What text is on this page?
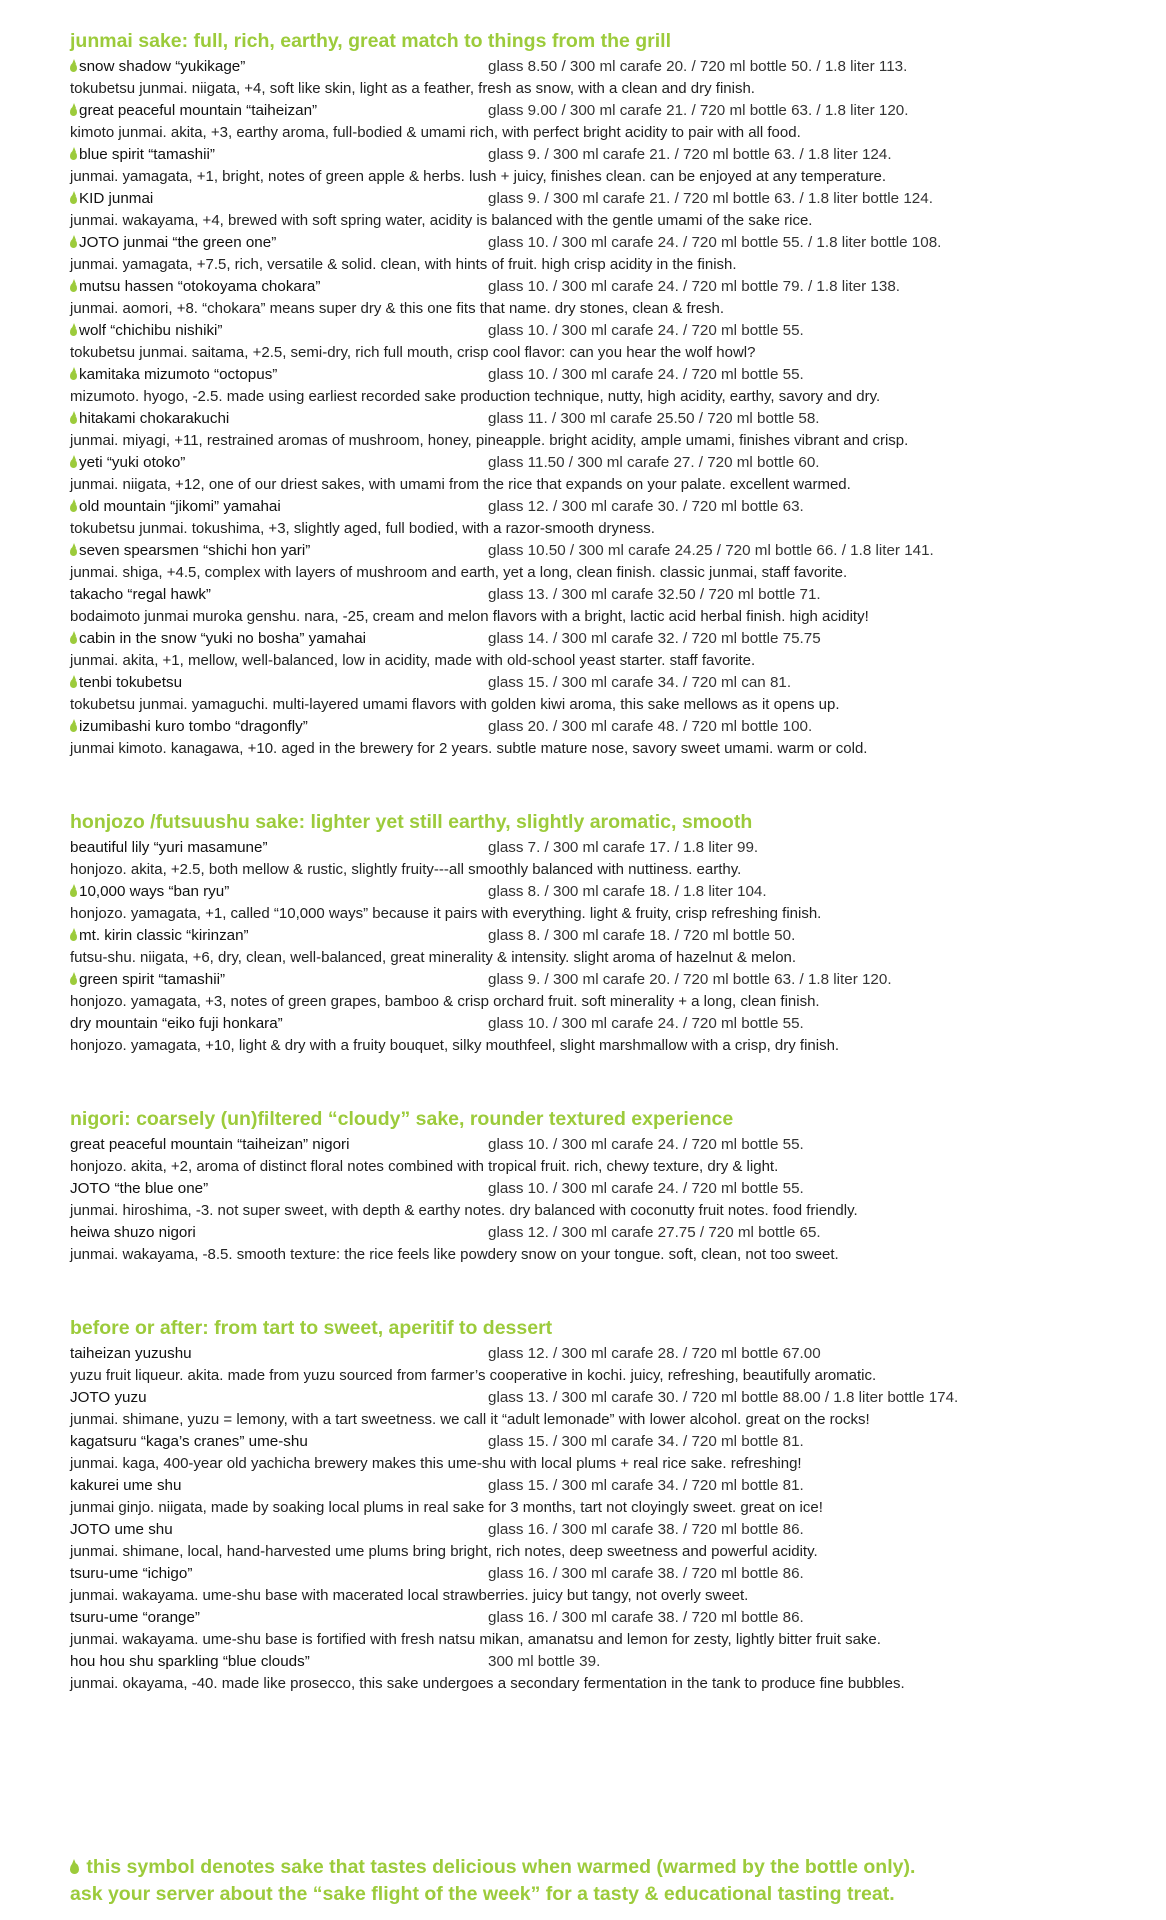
junmai sake: full, rich, earthy, great match to things from the grill
snow shadow “yukikage”	glass 8.50 / 300 ml carafe 20. / 720 ml bottle 50. / 1.8 liter 113.
tokubetsu junmai. niigata, +4, soft like skin, light as a feather, fresh as snow, with a clean and dry finish.
great peaceful mountain “taiheizan”	glass 9.00 / 300 ml carafe 21. / 720 ml bottle 63. / 1.8 liter 120.
kimoto junmai. akita, +3, earthy aroma, full-bodied & umami rich, with perfect bright acidity to pair with all food.
blue spirit “tamashii”	glass 9. / 300 ml carafe 21. / 720 ml bottle 63. / 1.8 liter 124.
junmai. yamagata, +1, bright, notes of green apple & herbs. lush + juicy, finishes clean. can be enjoyed at any temperature.
KID junmai	glass 9. / 300 ml carafe 21. / 720 ml bottle 63. / 1.8 liter bottle 124.
junmai. wakayama, +4, brewed with soft spring water, acidity is balanced with the gentle umami of the sake rice.
JOTO junmai “the green one”	glass 10. / 300 ml carafe 24. / 720 ml bottle 55. / 1.8 liter bottle 108.
junmai. yamagata, +7.5, rich, versatile & solid. clean, with hints of fruit. high crisp acidity in the finish.
mutsu hassen “otokoyama chokara”	glass 10. / 300 ml carafe 24. / 720 ml bottle 79. / 1.8 liter 138.
junmai. aomori, +8. “chokara” means super dry & this one fits that name. dry stones, clean & fresh.
wolf “chichibu nishiki”	glass 10. / 300 ml carafe 24. / 720 ml bottle 55.
tokubetsu junmai. saitama, +2.5, semi-dry, rich full mouth, crisp cool flavor: can you hear the wolf howl?
kamitaka mizumoto “octopus”	glass 10. / 300 ml carafe 24. / 720 ml bottle 55.
mizumoto. hyogo, -2.5. made using earliest recorded sake production technique, nutty, high acidity, earthy, savory and dry.
hitakami chokarakuchi	glass 11. / 300 ml carafe 25.50 / 720 ml bottle 58.
junmai. miyagi, +11, restrained aromas of mushroom, honey, pineapple. bright acidity, ample umami, finishes vibrant and crisp.
yeti “yuki otoko”	glass 11.50 / 300 ml carafe 27. / 720 ml bottle 60.
junmai. niigata, +12, one of our driest sakes, with umami from the rice that expands on your palate. excellent warmed.
old mountain “jikomi” yamahai	glass 12. / 300 ml carafe 30. / 720 ml bottle 63.
tokubetsu junmai. tokushima, +3, slightly aged, full bodied, with a razor-smooth dryness.
seven spearsmen “shichi hon yari”	glass 10.50 / 300 ml carafe 24.25 / 720 ml bottle 66. / 1.8 liter 141.
junmai. shiga, +4.5, complex with layers of mushroom and earth, yet a long, clean finish. classic junmai, staff favorite.
takacho “regal hawk”	glass 13. / 300 ml carafe 32.50 / 720 ml bottle 71.
bodaimoto junmai muroka genshu. nara, -25, cream and melon flavors with a bright, lactic acid herbal finish. high acidity!
cabin in the snow “yuki no bosha” yamahai	glass 14. / 300 ml carafe 32. / 720 ml bottle 75.75
junmai. akita, +1, mellow, well-balanced, low in acidity, made with old-school yeast starter. staff favorite.
tenbi tokubetsu	glass 15. / 300 ml carafe 34. / 720 ml can 81.
tokubetsu junmai. yamaguchi. multi-layered umami flavors with golden kiwi aroma, this sake mellows as it opens up.
izumibashi kuro tombo “dragonfly”	glass 20. / 300 ml carafe 48. / 720 ml bottle 100.
junmai kimoto. kanagawa, +10. aged in the brewery for 2 years. subtle mature nose, savory sweet umami. warm or cold.
honjozo /futsuushu sake: lighter yet still earthy, slightly aromatic, smooth
beautiful lily “yuri masamune”	glass 7. / 300 ml carafe 17. / 1.8 liter 99.
honjozo. akita, +2.5, both mellow & rustic, slightly fruity---all smoothly balanced with nuttiness. earthy.
10,000 ways “ban ryu”	glass 8. / 300 ml carafe 18. / 1.8 liter 104.
honjozo. yamagata, +1, called “10,000 ways” because it pairs with everything. light & fruity, crisp refreshing finish.
mt. kirin classic “kirinzan”	glass 8. / 300 ml carafe 18. / 720 ml bottle 50.
futsu-shu. niigata, +6, dry, clean, well-balanced, great minerality & intensity. slight aroma of hazelnut & melon.
green spirit “tamashii”	glass 9. / 300 ml carafe 20. / 720 ml bottle 63. / 1.8 liter 120.
honjozo. yamagata, +3, notes of green grapes, bamboo & crisp orchard fruit. soft minerality + a long, clean finish.
dry mountain “eiko fuji honkara”	glass 10. / 300 ml carafe 24. / 720 ml bottle 55.
honjozo. yamagata, +10, light & dry with a fruity bouquet, silky mouthfeel, slight marshmallow with a crisp, dry finish.
nigori: coarsely (un)filtered “cloudy” sake, rounder textured experience
great peaceful mountain “taiheizan” nigori	glass 10. / 300 ml carafe 24. / 720 ml bottle 55.
honjozo. akita, +2, aroma of distinct floral notes combined with tropical fruit. rich, chewy texture, dry & light.
JOTO “the blue one”	glass 10. / 300 ml carafe 24. / 720 ml bottle 55.
junmai. hiroshima, -3. not super sweet, with depth & earthy notes. dry balanced with coconutty fruit notes. food friendly.
heiwa shuzo nigori	glass 12. / 300 ml carafe 27.75 / 720 ml bottle 65.
junmai. wakayama, -8.5. smooth texture: the rice feels like powdery snow on your tongue. soft, clean, not too sweet.
before or after: from tart to sweet, aperitif to dessert
taiheizan yuzushu	glass 12. / 300 ml carafe 28. / 720 ml bottle 67.00
yuzu fruit liqueur. akita. made from yuzu sourced from farmer’s cooperative in kochi. juicy, refreshing, beautifully aromatic.
JOTO yuzu	glass 13. / 300 ml carafe 30. / 720 ml bottle 88.00 / 1.8 liter bottle 174.
junmai. shimane, yuzu = lemony, with a tart sweetness. we call it “adult lemonade” with lower alcohol. great on the rocks!
kagatsuru “kaga’s cranes” ume-shu	glass 15. / 300 ml carafe 34. / 720 ml bottle 81.
junmai. kaga, 400-year old yachicha brewery makes this ume-shu with local plums + real rice sake. refreshing!
kakurei ume shu	glass 15. / 300 ml carafe 34. / 720 ml bottle 81.
junmai ginjo. niigata, made by soaking local plums in real sake for 3 months, tart not cloyingly sweet. great on ice!
JOTO ume shu	glass 16. / 300 ml carafe 38. / 720 ml bottle 86.
junmai. shimane, local, hand-harvested ume plums bring bright, rich notes, deep sweetness and powerful acidity.
tsuru-ume “ichigo”	glass 16. / 300 ml carafe 38. / 720 ml bottle 86.
junmai. wakayama. ume-shu base with macerated local strawberries. juicy but tangy, not overly sweet.
tsuru-ume “orange”	glass 16. / 300 ml carafe 38. / 720 ml bottle 86.
junmai. wakayama. ume-shu base is fortified with fresh natsu mikan, amanatsu and lemon for zesty, lightly bitter fruit sake.
hou hou shu sparkling “blue clouds”	300 ml bottle 39.
junmai. okayama, -40. made like prosecco, this sake undergoes a secondary fermentation in the tank to produce fine bubbles.
this symbol denotes sake that tastes delicious when warmed (warmed by the bottle only).
ask your server about the “sake flight of the week” for a tasty & educational tasting treat.
